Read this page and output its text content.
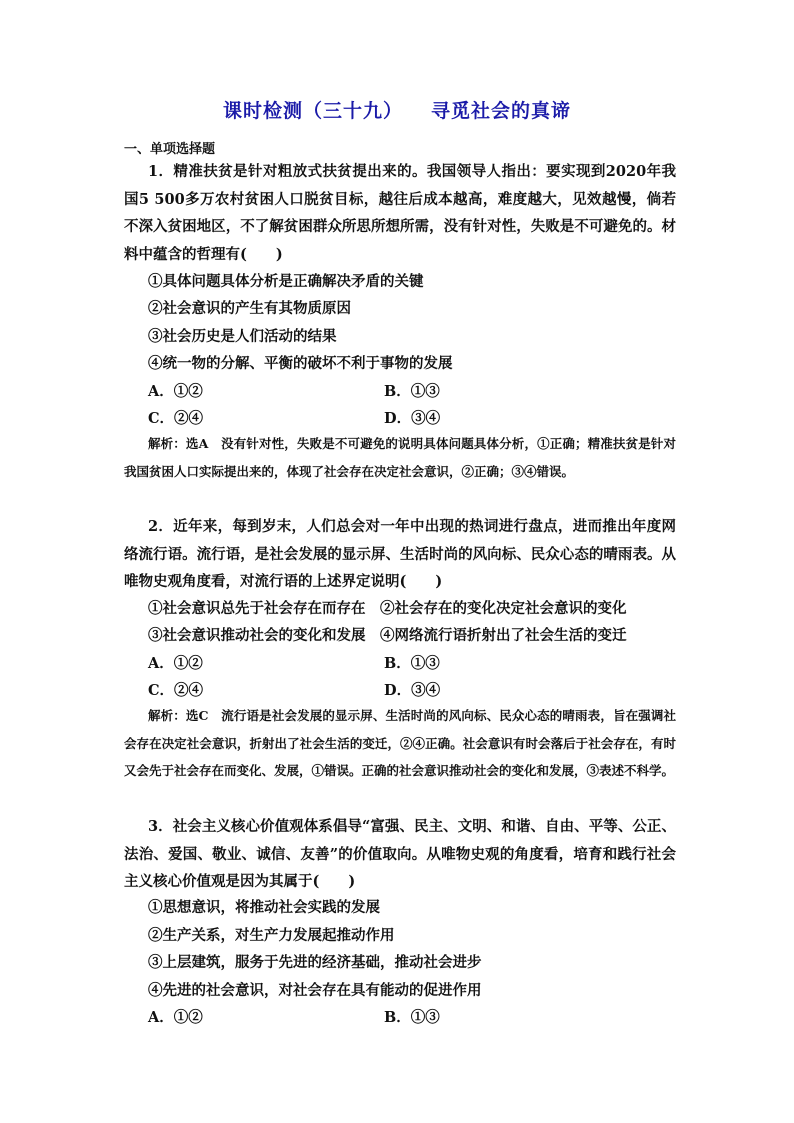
课时检测（三十九） 寻觅社会的真谛
一、单项选择题
1．精准扶贫是针对粗放式扶贫提出来的。我国领导人指出：要实现到2020年我国5 500多万农村贫困人口脱贫目标，越往后成本越高，难度越大，见效越慢，倘若不深入贫困地区，不了解贫困群众所思所想所需，没有针对性，失败是不可避免的。材料中蕴含的哲理有(　　)
①具体问题具体分析是正确解决矛盾的关键
②社会意识的产生有其物质原因
③社会历史是人们活动的结果
④统一物的分解、平衡的破坏不利于事物的发展
A．①②	B．①③
C．②④	D．③④
解析：选A　 没有针对性，失败是不可避免的说明具体问题具体分析，①正确；精准扶贫是针对我国贫困人口实际提出来的，体现了社会存在决定社会意识，②正确；③④错误。
2．近年来，每到岁末，人们总会对一年中出现的热词进行盘点，进而推出年度网络流行语。流行语，是社会发展的显示屏、生活时尚的风向标、民众心态的晴雨表。从唯物史观角度看，对流行语的上述界定说明(　　)
①社会意识总先于社会存在而存在　②社会存在的变化决定社会意识的变化
③社会意识推动社会的变化和发展　④网络流行语折射出了社会生活的变迁
A．①②	B．①③
C．②④	D．③④
解析：选C　 流行语是社会发展的显示屏、生活时尚的风向标、民众心态的晴雨表，旨在强调社会存在决定社会意识，折射出了社会生活的变迁，②④正确。社会意识有时会落后于社会存在，有时又会先于社会存在而变化、发展，①错误。正确的社会意识推动社会的变化和发展，③表述不科学。
3．社会主义核心价值观体系倡导“富强、民主、文明、和谐、自由、平等、公正、法治、爱国、敬业、诚信、友善”的价值取向。从唯物史观的角度看，培育和践行社会主义核心价值观是因为其属于(　　)
①思想意识，将推动社会实践的发展
②生产关系，对生产力发展起推动作用
③上层建筑，服务于先进的经济基础，推动社会进步
④先进的社会意识，对社会存在具有能动的促进作用
A．①②	B．①③
